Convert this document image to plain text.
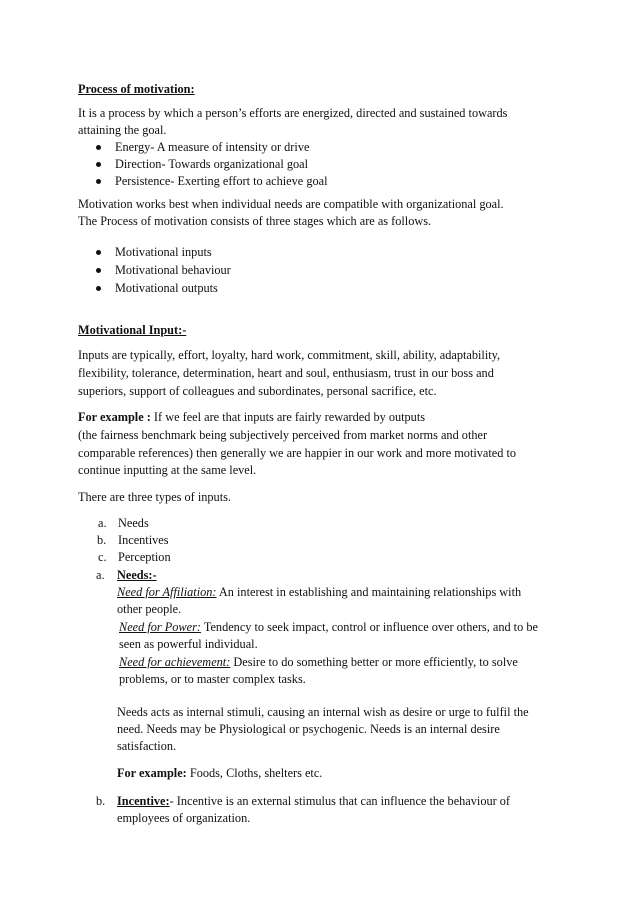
Process of motivation:
It is a process by which a person’s efforts are energized, directed and sustained towards
attaining the goal.
Energy- A measure of intensity or drive
Direction- Towards organizational goal
Persistence- Exerting effort to achieve goal
Motivation works best when individual needs are compatible with organizational goal.
The Process of motivation consists of three stages which are as follows.
Motivational inputs
Motivational behaviour
Motivational outputs
Motivational Input:-
Inputs are typically, effort, loyalty, hard work, commitment, skill, ability, adaptability,
flexibility, tolerance, determination, heart and soul, enthusiasm, trust in our boss and
superiors, support of colleagues and subordinates, personal sacrifice, etc.
For example : If we feel are that inputs are fairly rewarded by outputs
(the fairness benchmark being subjectively perceived from market norms and other
comparable references) then generally we are happier in our work and more motivated to
continue inputting at the same level.
There are three types of inputs.
a. Needs
b. Incentives
c. Perception
a. Needs:-
Need for Affiliation: An interest in establishing and maintaining relationships with
other people.
Need for Power: Tendency to seek impact, control or influence over others, and to be
seen as powerful individual.
Need for achievement: Desire to do something better or more efficiently, to solve
problems, or to master complex tasks.
Needs acts as internal stimuli, causing an internal wish as desire or urge to fulfil the
need. Needs may be Physiological or psychogenic. Needs is an internal desire
satisfaction.
For example: Foods, Cloths, shelters etc.
b. Incentive:- Incentive is an external stimulus that can influence the behaviour of
employees of organization.
